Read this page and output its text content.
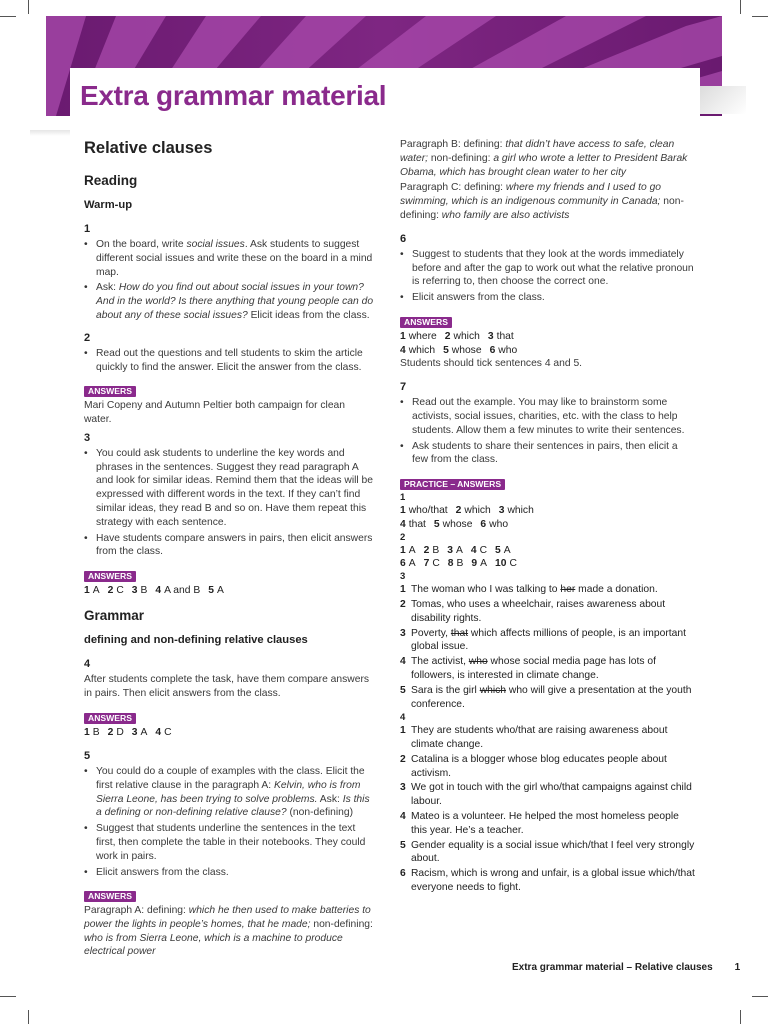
Extra grammar material
Relative clauses
Reading
Warm-up
1
• On the board, write social issues. Ask students to suggest different social issues and write these on the board in a mind map.
• Ask: How do you find out about social issues in your town? And in the world? Is there anything that young people can do about any of these social issues? Elicit ideas from the class.
2
• Read out the questions and tell students to skim the article quickly to find the answer. Elicit the answer from the class.
ANSWERS
Mari Copeny and Autumn Peltier both campaign for clean water.
3
• You could ask students to underline the key words and phrases in the sentences. Suggest they read paragraph A and look for similar ideas. Remind them that the ideas will be expressed with different words in the text. If they can’t find similar ideas, they read B and so on. Have them repeat this strategy with each sentence.
• Have students compare answers in pairs, then elicit answers from the class.
ANSWERS
1 A 2 C 3 B 4 A and B 5 A
Grammar
defining and non-defining relative clauses
4
After students complete the task, have them compare answers in pairs. Then elicit answers from the class.
ANSWERS
1 B 2 D 3 A 4 C
5
• You could do a couple of examples with the class. Elicit the first relative clause in the paragraph A: Kelvin, who is from Sierra Leone, has been trying to solve problems. Ask: Is this a defining or non-defining relative clause? (non-defining)
• Suggest that students underline the sentences in the text first, then complete the table in their notebooks. They could work in pairs.
• Elicit answers from the class.
ANSWERS
Paragraph A: defining: which he then used to make batteries to power the lights in people’s homes, that he made; non-defining: who is from Sierra Leone, which is a machine to produce electrical power
Paragraph B: defining: that didn’t have access to safe, clean water; non-defining: a girl who wrote a letter to President Barak Obama, which has brought clean water to her city
Paragraph C: defining: where my friends and I used to go swimming, which is an indigenous community in Canada; non-defining: who family are also activists
6
• Suggest to students that they look at the words immediately before and after the gap to work out what the relative pronoun is referring to, then choose the correct one.
• Elicit answers from the class.
ANSWERS
1 where 2 which 3 that
4 which 5 whose 6 who
Students should tick sentences 4 and 5.
7
• Read out the example. You may like to brainstorm some activists, social issues, charities, etc. with the class to help students. Allow them a few minutes to write their sentences.
• Ask students to share their sentences in pairs, then elicit a few from the class.
PRACTICE – ANSWERS
1
1 who/that 2 which 3 which
4 that 5 whose 6 who
2
1 A 2 B 3 A 4 C 5 A
6 A 7 C 8 B 9 A 10 C
3
1 The woman who I was talking to her made a donation.
2 Tomas, who uses a wheelchair, raises awareness about disability rights.
3 Poverty, that which affects millions of people, is an important global issue.
4 The activist, who whose social media page has lots of followers, is interested in climate change.
5 Sara is the girl which who will give a presentation at the youth conference.
4
1 They are students who/that are raising awareness about climate change.
2 Catalina is a blogger whose blog educates people about activism.
3 We got in touch with the girl who/that campaigns against child labour.
4 Mateo is a volunteer. He helped the most homeless people this year. He’s a teacher.
5 Gender equality is a social issue which/that I feel very strongly about.
6 Racism, which is wrong and unfair, is a global issue which/that everyone needs to fight.
Extra grammar material – Relative clauses 1
